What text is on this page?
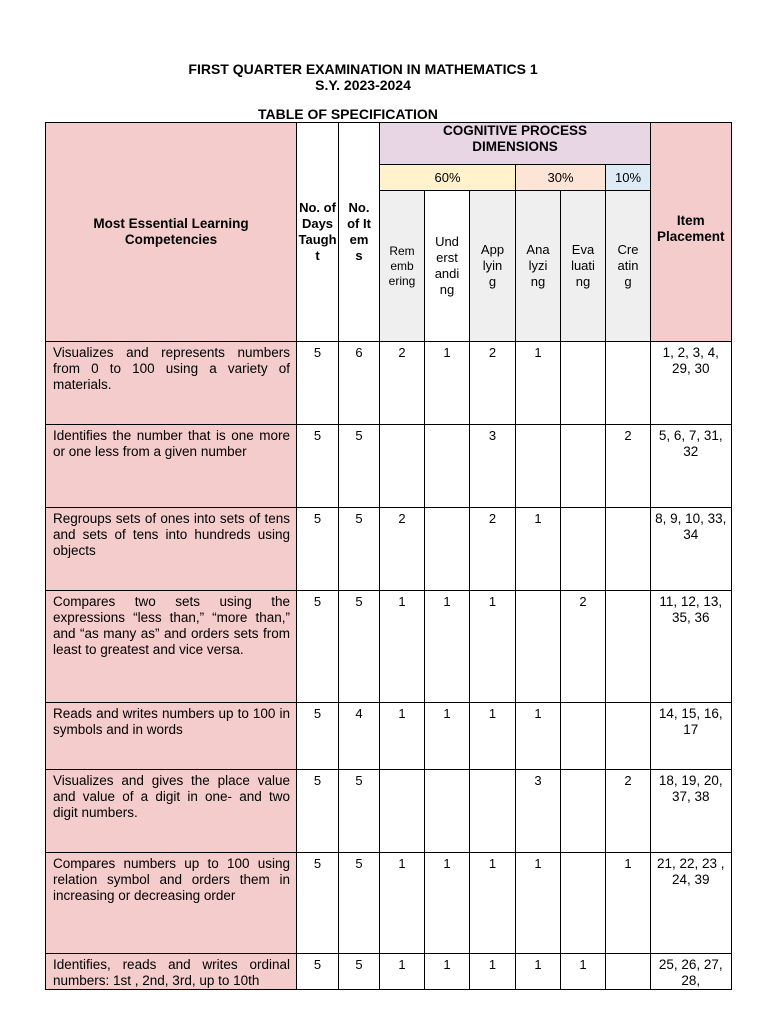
FIRST QUARTER EXAMINATION IN MATHEMATICS 1
S.Y. 2023-2024
TABLE OF SPECIFICATION
Most Essential Learning Competencies	No. of Days Taught	No. of Items	COGNITIVE PROCESS DIMENSIONS						Item Placement

			60%			30%		10%	

			Remembering	Understanding	Applying	Analyzing	Evaluating	Creating	

Visualizes and represents numbers from 0 to 100 using a variety of materials.	5	6	2	1	2	1			1, 2, 3, 4, 29, 30
Identifies the number that is one more or one less from a given number	5	5			3			2	5, 6, 7, 31, 32
Regroups sets of ones into sets of tens and sets of tens into hundreds using objects	5	5	2		2	1			8, 9, 10, 33, 34
Compares two sets using the expressions “less than,” “more than,” and “as many as” and orders sets from least to greatest and vice versa.	5	5	1	1	1		2		11, 12, 13, 35, 36
Reads and writes numbers up to 100 in symbols and in words	5	4	1	1	1	1			14, 15, 16, 17
Visualizes and gives the place value and value of a digit in one- and two digit numbers.	5	5				3		2	18, 19, 20, 37, 38
Compares numbers up to 100 using relation symbol and orders them in increasing or decreasing order	5	5	1	1	1	1		1	21, 22, 23 , 24, 39
Identifies, reads and writes ordinal numbers: 1st , 2nd, 3rd, up to 10th	5	5	1	1	1	1	1		25, 26, 27, 28,
